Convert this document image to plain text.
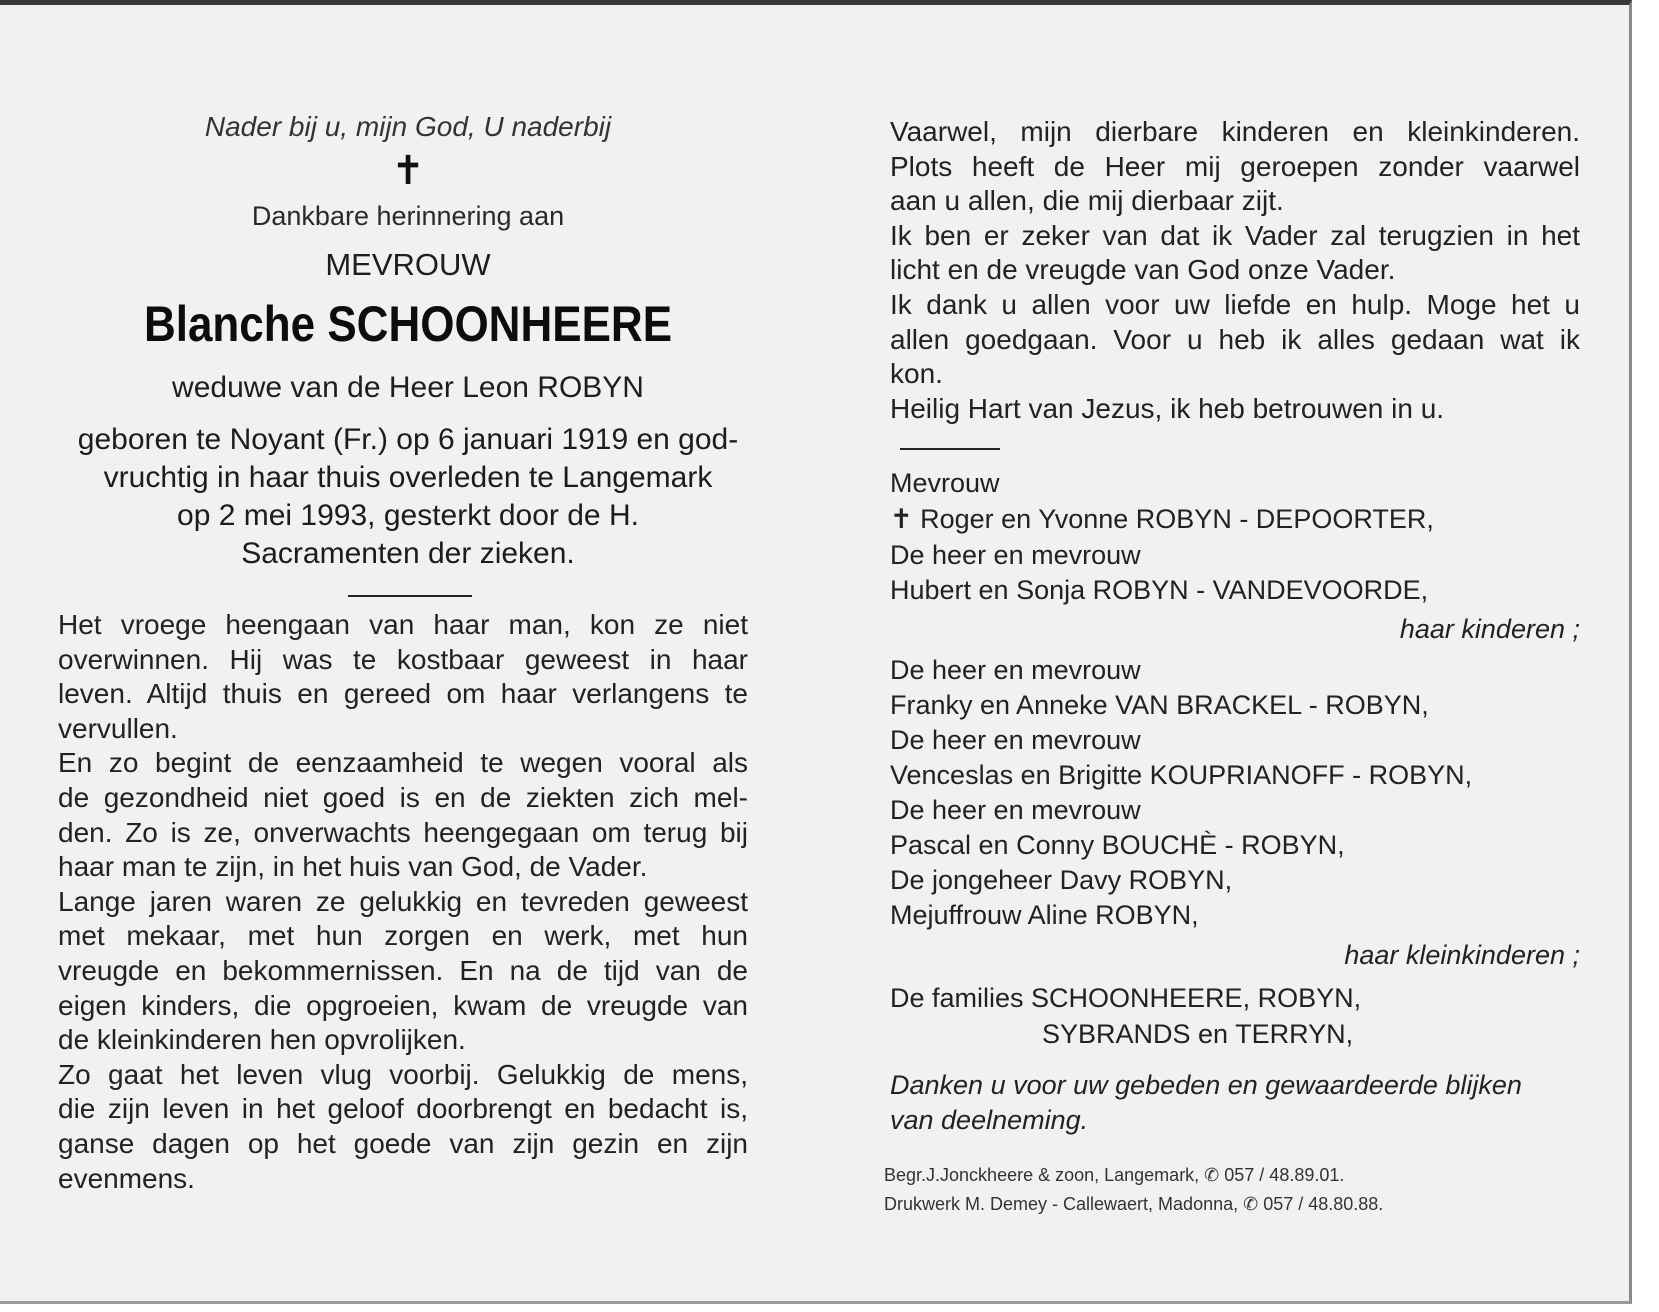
Nader bij u, mijn God, U naderbij
✝
Dankbare herinnering aan
MEVROUW
Blanche SCHOONHEERE
weduwe van de Heer Leon ROBYN
geboren te Noyant (Fr.) op 6 januari 1919 en god-
vruchtig in haar thuis overleden te Langemark
op 2 mei 1993, gesterkt door de H.
Sacramenten der zieken.
Het vroege heengaan van haar man, kon ze niet
overwinnen. Hij was te kostbaar geweest in haar
leven. Altijd thuis en gereed om haar verlangens te
vervullen.
En zo begint de eenzaamheid te wegen vooral als
de gezondheid niet goed is en de ziekten zich mel-
den. Zo is ze, onverwachts heengegaan om terug bij
haar man te zijn, in het huis van God, de Vader.
Lange jaren waren ze gelukkig en tevreden geweest
met mekaar, met hun zorgen en werk, met hun
vreugde en bekommernissen. En na de tijd van de
eigen kinders, die opgroeien, kwam de vreugde van
de kleinkinderen hen opvrolijken.
Zo gaat het leven vlug voorbij. Gelukkig de mens,
die zijn leven in het geloof doorbrengt en bedacht is,
ganse dagen op het goede van zijn gezin en zijn
evenmens.
Vaarwel, mijn dierbare kinderen en kleinkinderen.
Plots heeft de Heer mij geroepen zonder vaarwel
aan u allen, die mij dierbaar zijt.
Ik ben er zeker van dat ik Vader zal terugzien in het
licht en de vreugde van God onze Vader.
Ik dank u allen voor uw liefde en hulp. Moge het u
allen goedgaan. Voor u heb ik alles gedaan wat ik
kon.
Heilig Hart van Jezus, ik heb betrouwen in u.
Mevrouw
✝ Roger en Yvonne ROBYN - DEPOORTER,
De heer en mevrouw
Hubert en Sonja ROBYN - VANDEVOORDE,
haar kinderen ;
De heer en mevrouw
Franky en Anneke VAN BRACKEL - ROBYN,
De heer en mevrouw
Venceslas en Brigitte KOUPRIANOFF - ROBYN,
De heer en mevrouw
Pascal en Conny BOUCHÈ - ROBYN,
De jongeheer Davy ROBYN,
Mejuffrouw Aline ROBYN,
haar kleinkinderen ;
De families SCHOONHEERE, ROBYN,
SYBRANDS en TERRYN,
Danken u voor uw gebeden en gewaardeerde blijken
van deelneming.
Begr.J.Jonckheere & zoon, Langemark, ✆ 057 / 48.89.01.
Drukwerk M. Demey - Callewaert, Madonna, ✆ 057 / 48.80.88.
